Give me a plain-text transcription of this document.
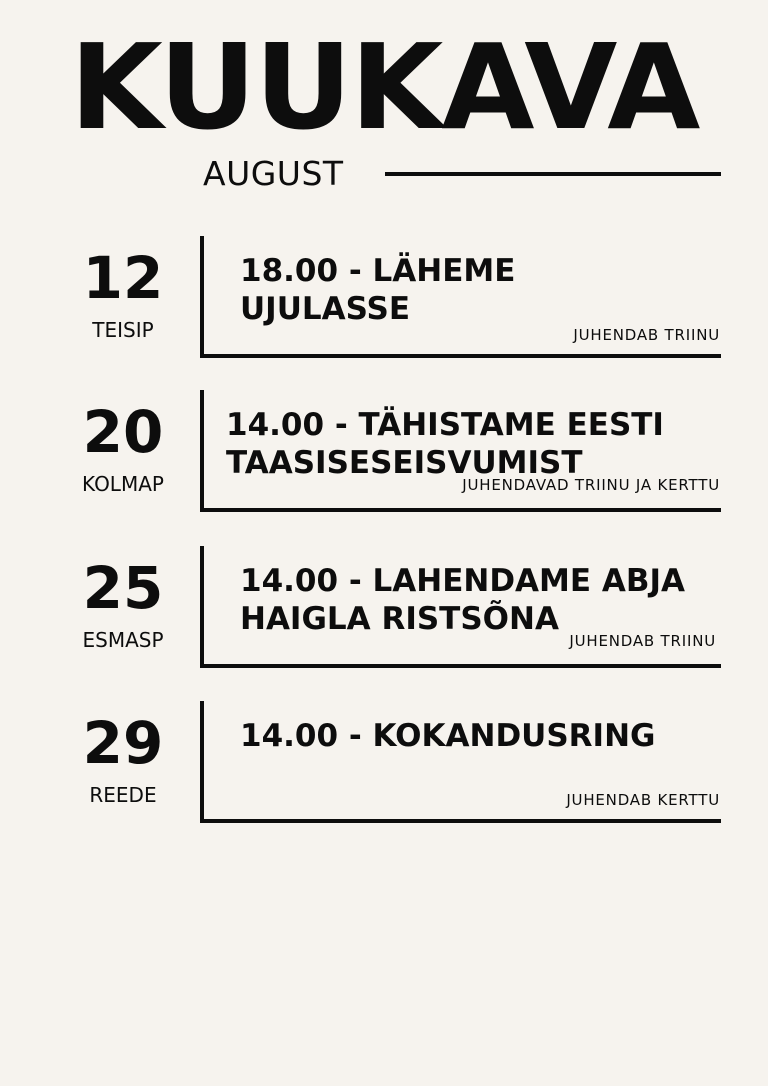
KUUKAVA
AUGUST
12
TEISIP
18.00 - LÄHEME
UJULASSE
JUHENDAB TRIINU
20
KOLMAP
14.00 - TÄHISTAME EESTI
TAASISESEISVUMIST
JUHENDAVAD TRIINU JA KERTTU
25
ESMASP
14.00 - LAHENDAME ABJA
HAIGLA RISTSÕNA
JUHENDAB TRIINU
29
REEDE
14.00 - KOKANDUSRING
JUHENDAB KERTTU
